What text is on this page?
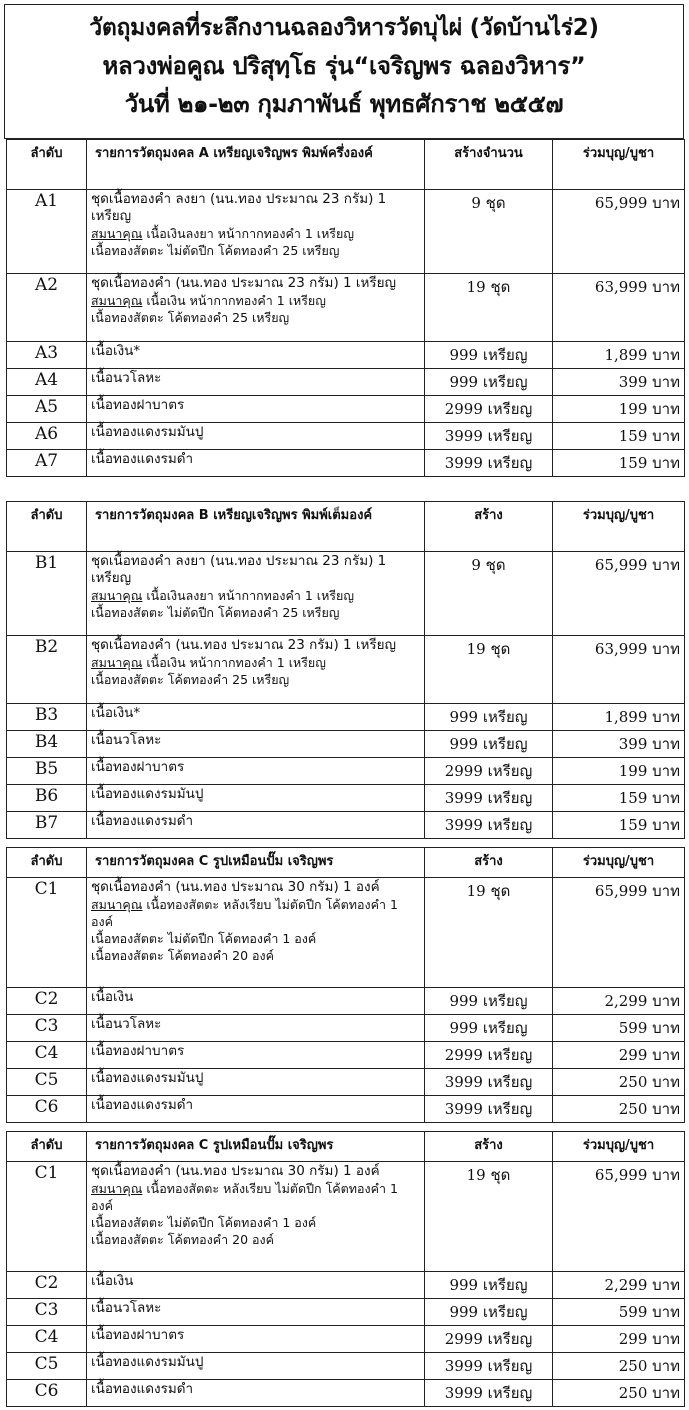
วัตถุมงคลที่ระลึกงานฉลองวิหารวัดบุไผ่ (วัดบ้านไร่2)
หลวงพ่อคูณ ปริสุทฺโธ รุ่น“เจริญพร ฉลองวิหาร”
วันที่ ๒๑-๒๓ กุมภาพันธ์ พุทธศักราช ๒๕๕๗
ลำดับ	รายการวัตถุมงคล A เหรียญเจริญพร พิมพ์ครึ่งองค์	สร้างจำนวน	ร่วมบุญ/บูชา
A1	ชุดเนื้อทองคำ ลงยา (นน.ทอง ประมาณ 23 กรัม) 1 เหรียญ
สมนาคุณ เนื้อเงินลงยา หน้ากากทองคำ 1 เหรียญ
เนื้อทองสัตตะ ไม่ตัดปีก โค้ตทองคำ 25 เหรียญ	9 ชุด	65,999 บาท
A2	ชุดเนื้อทองคำ (นน.ทอง ประมาณ 23 กรัม) 1 เหรียญ
สมนาคุณ เนื้อเงิน หน้ากากทองคำ 1 เหรียญ
เนื้อทองสัตตะ โค้ตทองคำ 25 เหรียญ	19 ชุด	63,999 บาท
A3	เนื้อเงิน*	999 เหรียญ	1,899 บาท
A4	เนื้อนวโลหะ	999 เหรียญ	399 บาท
A5	เนื้อทองฝาบาตร	2999 เหรียญ	199 บาท
A6	เนื้อทองแดงรมมันปู	3999 เหรียญ	159 บาท
A7	เนื้อทองแดงรมดำ	3999 เหรียญ	159 บาท
ลำดับ	รายการวัตถุมงคล B เหรียญเจริญพร พิมพ์เต็มองค์	สร้าง	ร่วมบุญ/บูชา
B1	ชุดเนื้อทองคำ ลงยา (นน.ทอง ประมาณ 23 กรัม) 1 เหรียญ
สมนาคุณ เนื้อเงินลงยา หน้ากากทองคำ 1 เหรียญ
เนื้อทองสัตตะ ไม่ตัดปีก โค้ตทองคำ 25 เหรียญ	9 ชุด	65,999 บาท
B2	ชุดเนื้อทองคำ (นน.ทอง ประมาณ 23 กรัม) 1 เหรียญ
สมนาคุณ เนื้อเงิน หน้ากากทองคำ 1 เหรียญ
เนื้อทองสัตตะ โค้ตทองคำ 25 เหรียญ	19 ชุด	63,999 บาท
B3	เนื้อเงิน*	999 เหรียญ	1,899 บาท
B4	เนื้อนวโลหะ	999 เหรียญ	399 บาท
B5	เนื้อทองฝาบาตร	2999 เหรียญ	199 บาท
B6	เนื้อทองแดงรมมันปู	3999 เหรียญ	159 บาท
B7	เนื้อทองแดงรมดำ	3999 เหรียญ	159 บาท
ลำดับ	รายการวัตถุมงคล C รูปเหมือนปั๊ม เจริญพร	สร้าง	ร่วมบุญ/บูชา
C1	ชุดเนื้อทองคำ (นน.ทอง ประมาณ 30 กรัม) 1 องค์
สมนาคุณ เนื้อทองสัตตะ หลังเรียบ ไม่ตัดปีก โค้ตทองคำ 1 องค์
เนื้อทองสัตตะ ไม่ตัดปีก โค้ตทองคำ 1 องค์
เนื้อทองสัตตะ โค้ตทองคำ 20 องค์	19 ชุด	65,999 บาท
C2	เนื้อเงิน	999 เหรียญ	2,299 บาท
C3	เนื้อนวโลหะ	999 เหรียญ	599 บาท
C4	เนื้อทองฝาบาตร	2999 เหรียญ	299 บาท
C5	เนื้อทองแดงรมมันปู	3999 เหรียญ	250 บาท
C6	เนื้อทองแดงรมดำ	3999 เหรียญ	250 บาท
ลำดับ	รายการวัตถุมงคล C รูปเหมือนปั๊ม เจริญพร	สร้าง	ร่วมบุญ/บูชา
C1	ชุดเนื้อทองคำ (นน.ทอง ประมาณ 30 กรัม) 1 องค์
สมนาคุณ เนื้อทองสัตตะ หลังเรียบ ไม่ตัดปีก โค้ตทองคำ 1 องค์
เนื้อทองสัตตะ ไม่ตัดปีก โค้ตทองคำ 1 องค์
เนื้อทองสัตตะ โค้ตทองคำ 20 องค์	19 ชุด	65,999 บาท
C2	เนื้อเงิน	999 เหรียญ	2,299 บาท
C3	เนื้อนวโลหะ	999 เหรียญ	599 บาท
C4	เนื้อทองฝาบาตร	2999 เหรียญ	299 บาท
C5	เนื้อทองแดงรมมันปู	3999 เหรียญ	250 บาท
C6	เนื้อทองแดงรมดำ	3999 เหรียญ	250 บาท
